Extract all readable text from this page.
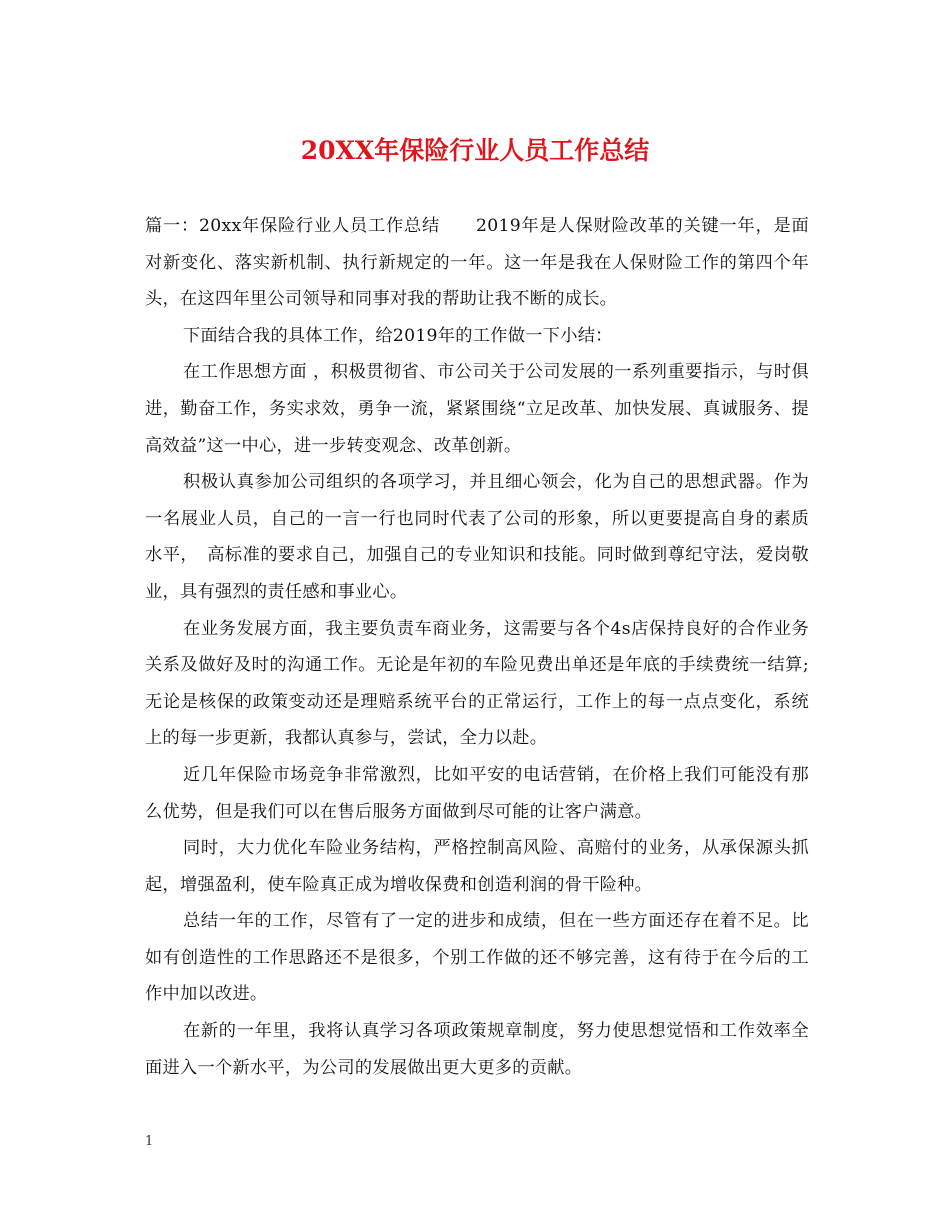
20XX年保险行业人员工作总结

篇一：20xx年保险行业人员工作总结　　2019年是人保财险改革的关键一年，是面对新变化、落实新机制、执行新规定的一年。这一年是我在人保财险工作的第四个年头，在这四年里公司领导和同事对我的帮助让我不断的成长。

下面结合我的具体工作，给2019年的工作做一下小结：

在工作思想方面 ，积极贯彻省、市公司关于公司发展的一系列重要指示，与时俱进，勤奋工作，务实求效，勇争一流，紧紧围绕“立足改革、加快发展、真诚服务、提高效益”这一中心，进一步转变观念、改革创新。

积极认真参加公司组织的各项学习，并且细心领会，化为自己的思想武器。作为一名展业人员，自己的一言一行也同时代表了公司的形象，所以更要提高自身的素质水平，　高标准的要求自己，加强自己的专业知识和技能。同时做到尊纪守法，爱岗敬业，具有强烈的责任感和事业心。

在业务发展方面，我主要负责车商业务，这需要与各个4s店保持良好的合作业务关系及做好及时的沟通工作。无论是年初的车险见费出单还是年底的手续费统一结算;无论是核保的政策变动还是理赔系统平台的正常运行，工作上的每一点点变化，系统上的每一步更新，我都认真参与，尝试，全力以赴。

近几年保险市场竞争非常激烈，比如平安的电话营销，在价格上我们可能没有那么优势，但是我们可以在售后服务方面做到尽可能的让客户满意。

同时，大力优化车险业务结构，严格控制高风险、高赔付的业务，从承保源头抓起，增强盈利，使车险真正成为增收保费和创造利润的骨干险种。

总结一年的工作，尽管有了一定的进步和成绩，但在一些方面还存在着不足。比如有创造性的工作思路还不是很多，个别工作做的还不够完善，这有待于在今后的工作中加以改进。

在新的一年里，我将认真学习各项政策规章制度，努力使思想觉悟和工作效率全面进入一个新水平，为公司的发展做出更大更多的贡献。

1
